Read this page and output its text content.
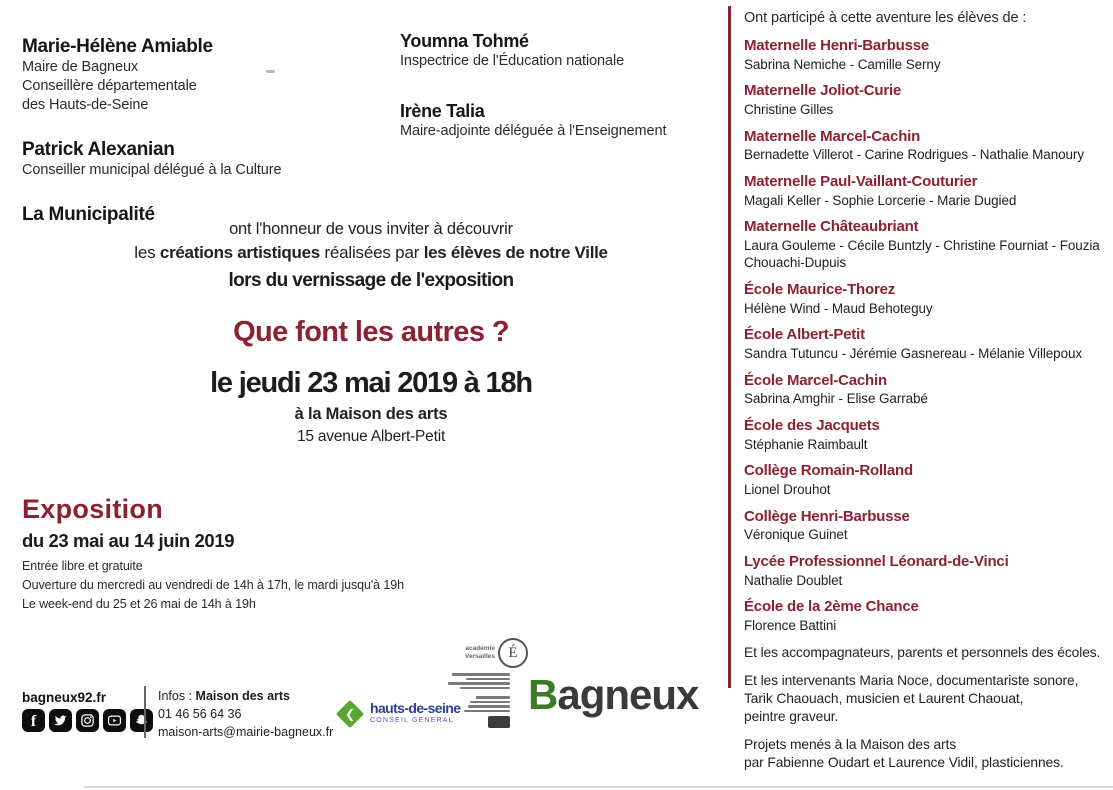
Marie-Hélène Amiable
Maire de Bagneux
Conseillère départementale
des Hauts-de-Seine
Patrick Alexanian
Conseiller municipal délégué à la Culture
La Municipalité
Youmna Tohmé
Inspectrice de l'Éducation nationale
Irène Talia
Maire-adjointe déléguée à l'Enseignement
ont l'honneur de vous inviter à découvrir
les créations artistiques réalisées par les élèves de notre Ville
lors du vernissage de l'exposition
Que font les autres ?
le jeudi 23 mai 2019 à 18h
à la Maison des arts
15 avenue Albert-Petit
Exposition
du 23 mai au 14 juin 2019
Entrée libre et gratuite
Ouverture du mercredi au vendredi de 14h à 17h, le mardi jusqu'à 19h
Le week-end du 25 et 26 mai de 14h à 19h
bagneux92.fr
f
Infos : Maison des arts
01 46 56 64 36
maison-arts@mairie-bagneux.fr
❮	hauts-de-seine
CONSEIL GENERAL
académie
Versailles É
Bagneux
Ont participé à cette aventure les élèves de :
Maternelle Henri-Barbusse
Sabrina Nemiche - Camille Serny
Maternelle Joliot-Curie
Christine Gilles
Maternelle Marcel-Cachin
Bernadette Villerot - Carine Rodrigues - Nathalie Manoury
Maternelle Paul-Vaillant-Couturier
Magali Keller - Sophie Lorcerie - Marie Dugied
Maternelle Châteaubriant
Laura Gouleme - Cécile Buntzly - Christine Fourniat - Fouzia Chouachi-Dupuis
École Maurice-Thorez
Hélène Wind - Maud Behoteguy
École Albert-Petit
Sandra Tutuncu - Jérémie Gasnereau - Mélanie Villepoux
École Marcel-Cachin
Sabrina Amghir - Elise Garrabé
École des Jacquets
Stéphanie Raimbault
Collège Romain-Rolland
Lionel Drouhot
Collège Henri-Barbusse
Véronique Guinet
Lycée Professionnel Léonard-de-Vinci
Nathalie Doublet
École de la 2ème Chance
Florence Battini
Et les accompagnateurs, parents et personnels des écoles.
Et les intervenants Maria Noce, documentariste sonore,
Tarik Chaouach, musicien et Laurent Chaouat,
peintre graveur.
Projets menés à la Maison des arts
par Fabienne Oudart et Laurence Vidil, plasticiennes.
